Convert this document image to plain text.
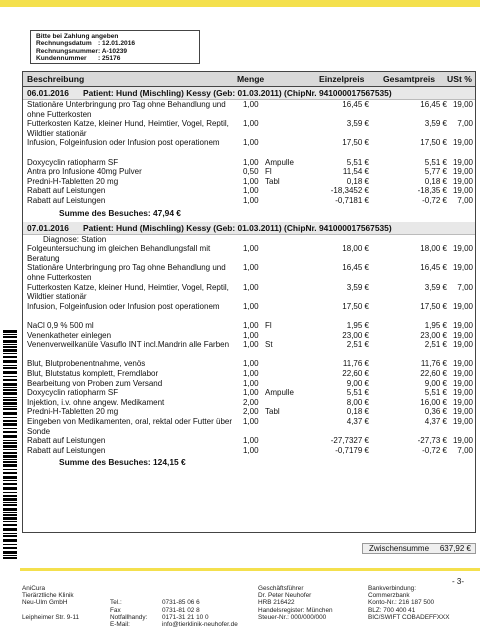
Bitte bei Zahlung angeben
Rechnungsdatum : 12.01.2016
Rechnungsnummer: A-10239
Kundennummer : 25176
Beschreibung	Menge	Einzelpreis Gesamtpreis USt %
06.01.2016 Patient: Hund (Mischling) Kessy (Geb: 01.03.2011) (ChipNr. 941000017567535)
Stationäre Unterbringung pro Tag ohne Behandlung und ohne Futterkosten
1,00	16,45 €	16,45 € 19,00
Futterkosten Katze, kleiner Hund, Heimtier, Vogel, Reptil, Wildtier stationär
1,00	3,59 €	3,59 €	7,00
Infusion, Folgeinfusion oder Infusion post operationem	1,00	17,50 €	17,50 € 19,00
Doxycyclin ratiopharm SF	1,00 Ampulle	5,51 €	5,51 € 19,00
Antra pro Infusione 40mg Pulver	0,50 Fl	11,54 €	5,77 € 19,00
Predni-H-Tabletten 20 mg	1,00 Tabl	0,18 €	0,18 € 19,00
Rabatt auf Leistungen	1,00	-18,3452 €	-18,35 € 19,00
Rabatt auf Leistungen	1,00	-0,7181 €	-0,72 €	7,00
Summe des Besuches: 47,94 €
07.01.2016 Patient: Hund (Mischling) Kessy (Geb: 01.03.2011) (ChipNr. 941000017567535)
Diagnose: Station
Folgeuntersuchung im gleichen Behandlungsfall mit Beratung
1,00	18,00 €	18,00 € 19,00
Stationäre Unterbringung pro Tag ohne Behandlung und ohne Futterkosten
1,00	16,45 €	16,45 € 19,00
Futterkosten Katze, kleiner Hund, Heimtier, Vogel, Reptil, Wildtier stationär
1,00	3,59 €	3,59 €	7,00
Infusion, Folgeinfusion oder Infusion post operationem	1,00	17,50 €	17,50 € 19,00
NaCl 0,9 % 500 ml	1,00 Fl	1,95 €	1,95 € 19,00
Venenkatheter einlegen	1,00	23,00 €	23,00 € 19,00
Venenverweilkanüle Vasuflo INT incl.Mandrin alle Farben	1,00 St	2,51 €	2,51 € 19,00
Blut, Blutprobenentnahme, venös	1,00	11,76 €	11,76 € 19,00
Blut, Blutstatus komplett, Fremdlabor	1,00	22,60 €	22,60 € 19,00
Bearbeitung von Proben zum Versand	1,00	9,00 €	9,00 € 19,00
Doxycyclin ratiopharm SF	1,00 Ampulle	5,51 €	5,51 € 19,00
Injektion, i.v. ohne angew. Medikament	2,00	8,00 €	16,00 € 19,00
Predni-H-Tabletten 20 mg	2,00 Tabl	0,18 €	0,36 € 19,00
Eingeben von Medikamenten, oral, rektal oder Futter über Sonde
1,00	4,37 €	4,37 € 19,00
Rabatt auf Leistungen	1,00	-27,7327 €	-27,73 € 19,00
Rabatt auf Leistungen	1,00	-0,7179 €	-0,72 €	7,00
Summe des Besuches: 124,15 €
Zwischensumme 637,92 €
- 3-
AniCura
Tierärztliche Klinik
Neu-Ulm GmbH
Leipheimer Str. 9-11
Tel.:
Fax
Notfallhandy:
E-Mail:
0731-85 06 6
0731-81 02 8
0171-31 21 10 0
info@tierklinik-neuhofer.de
Geschäftsführer
Dr. Peter Neuhofer
HRB 216422
Handelsregister: München
Steuer-Nr.: 000/000/000
Bankverbindung:
Commerzbank
Konto-Nr.: 216 187 500
BLZ: 700 400 41
BIC/SWIFT COBADEFFXXX
